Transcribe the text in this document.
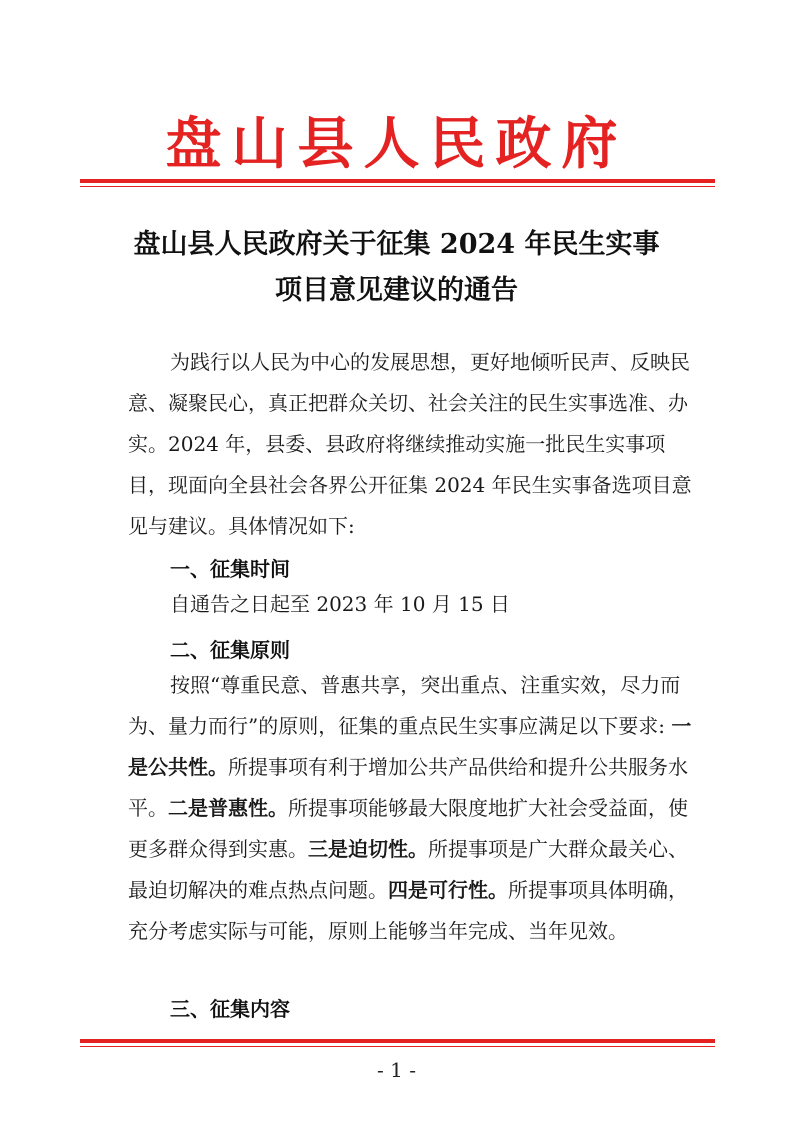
盘山县人民政府
盘山县人民政府关于征集 2024 年民生实事
项目意见建议的通告
为践行以人民为中心的发展思想，更好地倾听民声、反映民意、凝聚民心，真正把群众关切、社会关注的民生实事选准、办实。2024 年，县委、县政府将继续推动实施一批民生实事项目，现面向全县社会各界公开征集 2024 年民生实事备选项目意见与建议。具体情况如下:
一、征集时间
自通告之日起至 2023 年 10 月 15 日
二、征集原则
按照“尊重民意、普惠共享，突出重点、注重实效，尽力而为、量力而行”的原则，征集的重点民生实事应满足以下要求: 一是公共性。所提事项有利于增加公共产品供给和提升公共服务水平。二是普惠性。所提事项能够最大限度地扩大社会受益面，使更多群众得到实惠。三是迫切性。所提事项是广大群众最关心、最迫切解决的难点热点问题。四是可行性。所提事项具体明确，充分考虑实际与可能，原则上能够当年完成、当年见效。
三、征集内容
- 1 -
